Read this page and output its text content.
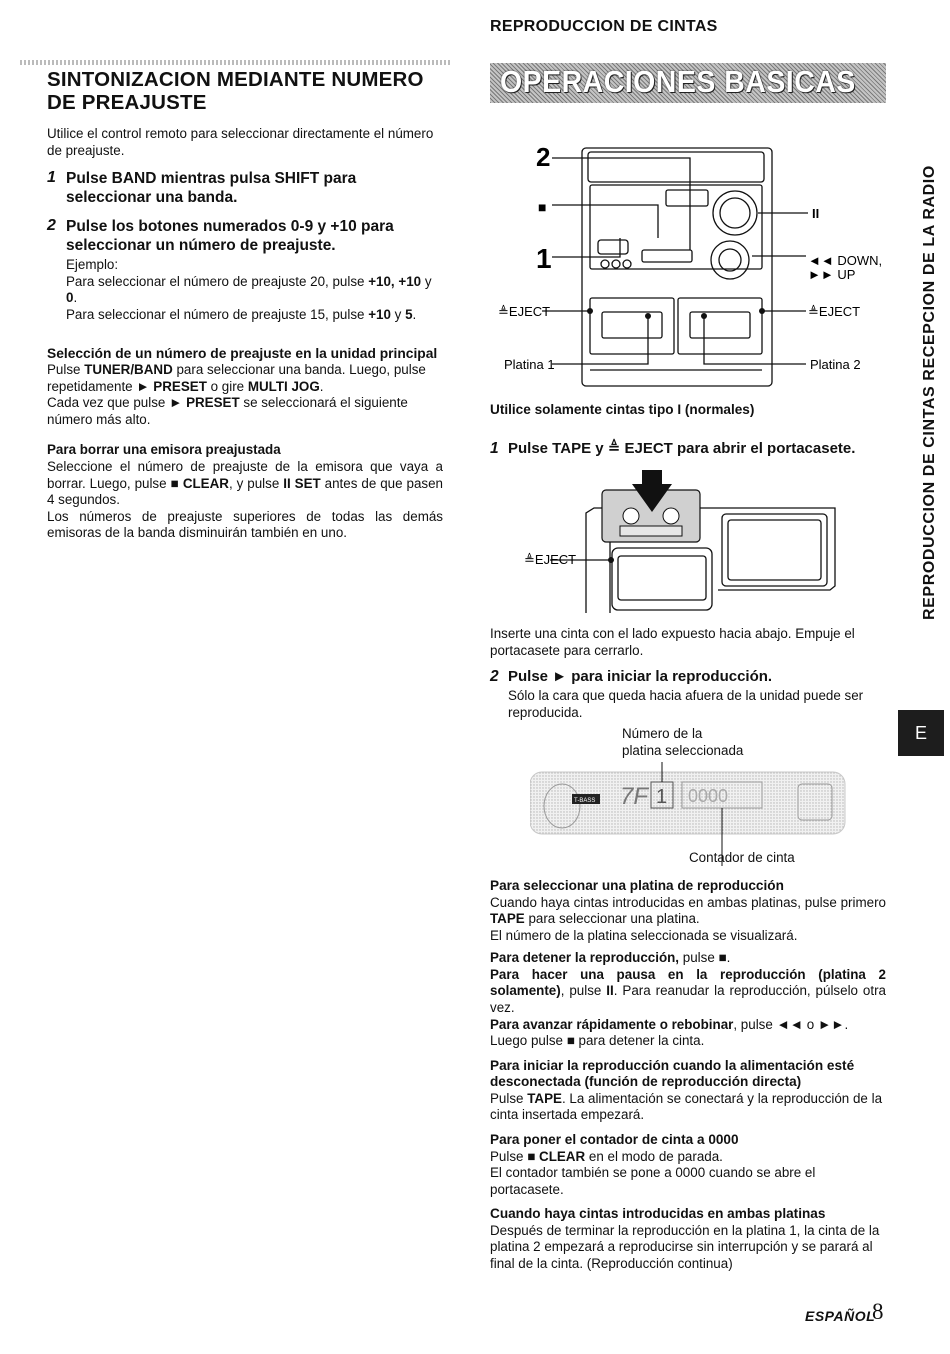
REPRODUCCION DE CINTAS
SINTONIZACION MEDIANTE NUMERO DE PREAJUSTE

Utilice el control remoto para seleccionar directamente el número de preajuste.

1 Pulse BAND mientras pulsa SHIFT para seleccionar una banda.
2 Pulse los botones numerados 0-9 y +10 para seleccionar un número de preajuste.

Ejemplo:

Para seleccionar el número de preajuste 20, pulse +10, +10 y 0.

Para seleccionar el número de preajuste 15, pulse +10 y 5.

Selección de un número de preajuste en la unidad principal

Pulse TUNER/BAND para seleccionar una banda. Luego, pulse repetidamente ► PRESET o gire MULTI JOG.

Cada vez que pulse ► PRESET se seleccionará el siguiente número más alto.

Para borrar una emisora preajustada

Seleccione el número de preajuste de la emisora que vaya a borrar. Luego, pulse ■ CLEAR, y pulse II SET antes de que pasen 4 segundos.

Los números de preajuste superiores de todas las demás emisoras de la banda disminuirán también en uno.

OPERACIONES BASICAS
REPRODUCCION DE CINTAS RECEPCION DE LA RADIO
E
2
■
1
II
◄◄ DOWN,
►► UP
≜EJECT	≜EJECT
Platina 1	Platina 2
Utilice solamente cintas tipo I (normales)
1 Pulse TAPE y ≜ EJECT para abrir el portacasete.
≜EJECT

Inserte una cinta con el lado expuesto hacia abajo. Empuje el portacasete para cerrarlo.

2 Pulse ► para iniciar la reproducción.

Sólo la cara que queda hacia afuera de la unidad puede ser reproducida.

Número de la

platina seleccionada

T-BASS 7F 1 0000

Contador de cinta

Para seleccionar una platina de reproducción

Cuando haya cintas introducidas en ambas platinas, pulse primero TAPE para seleccionar una platina.

El número de la platina seleccionada se visualizará.

Para detener la reproducción, pulse ■.

Para hacer una pausa en la reproducción (platina 2 solamente), pulse II. Para reanudar la reproducción, púlselo otra vez.

Para avanzar rápidamente o rebobinar, pulse ◄◄ o ►►.

Luego pulse ■ para detener la cinta.

Para iniciar la reproducción cuando la alimentación esté desconectada (función de reproducción directa)

Pulse TAPE. La alimentación se conectará y la reproducción de la cinta insertada empezará.

Para poner el contador de cinta a 0000

Pulse ■ CLEAR en el modo de parada.

El contador también se pone a 0000 cuando se abre el portacasete.

Cuando haya cintas introducidas en ambas platinas

Después de terminar la reproducción en la platina 1, la cinta de la platina 2 empezará a reproducirse sin interrupción y se parará al final de la cinta. (Reproducción continua)

ESPAÑOL
8
